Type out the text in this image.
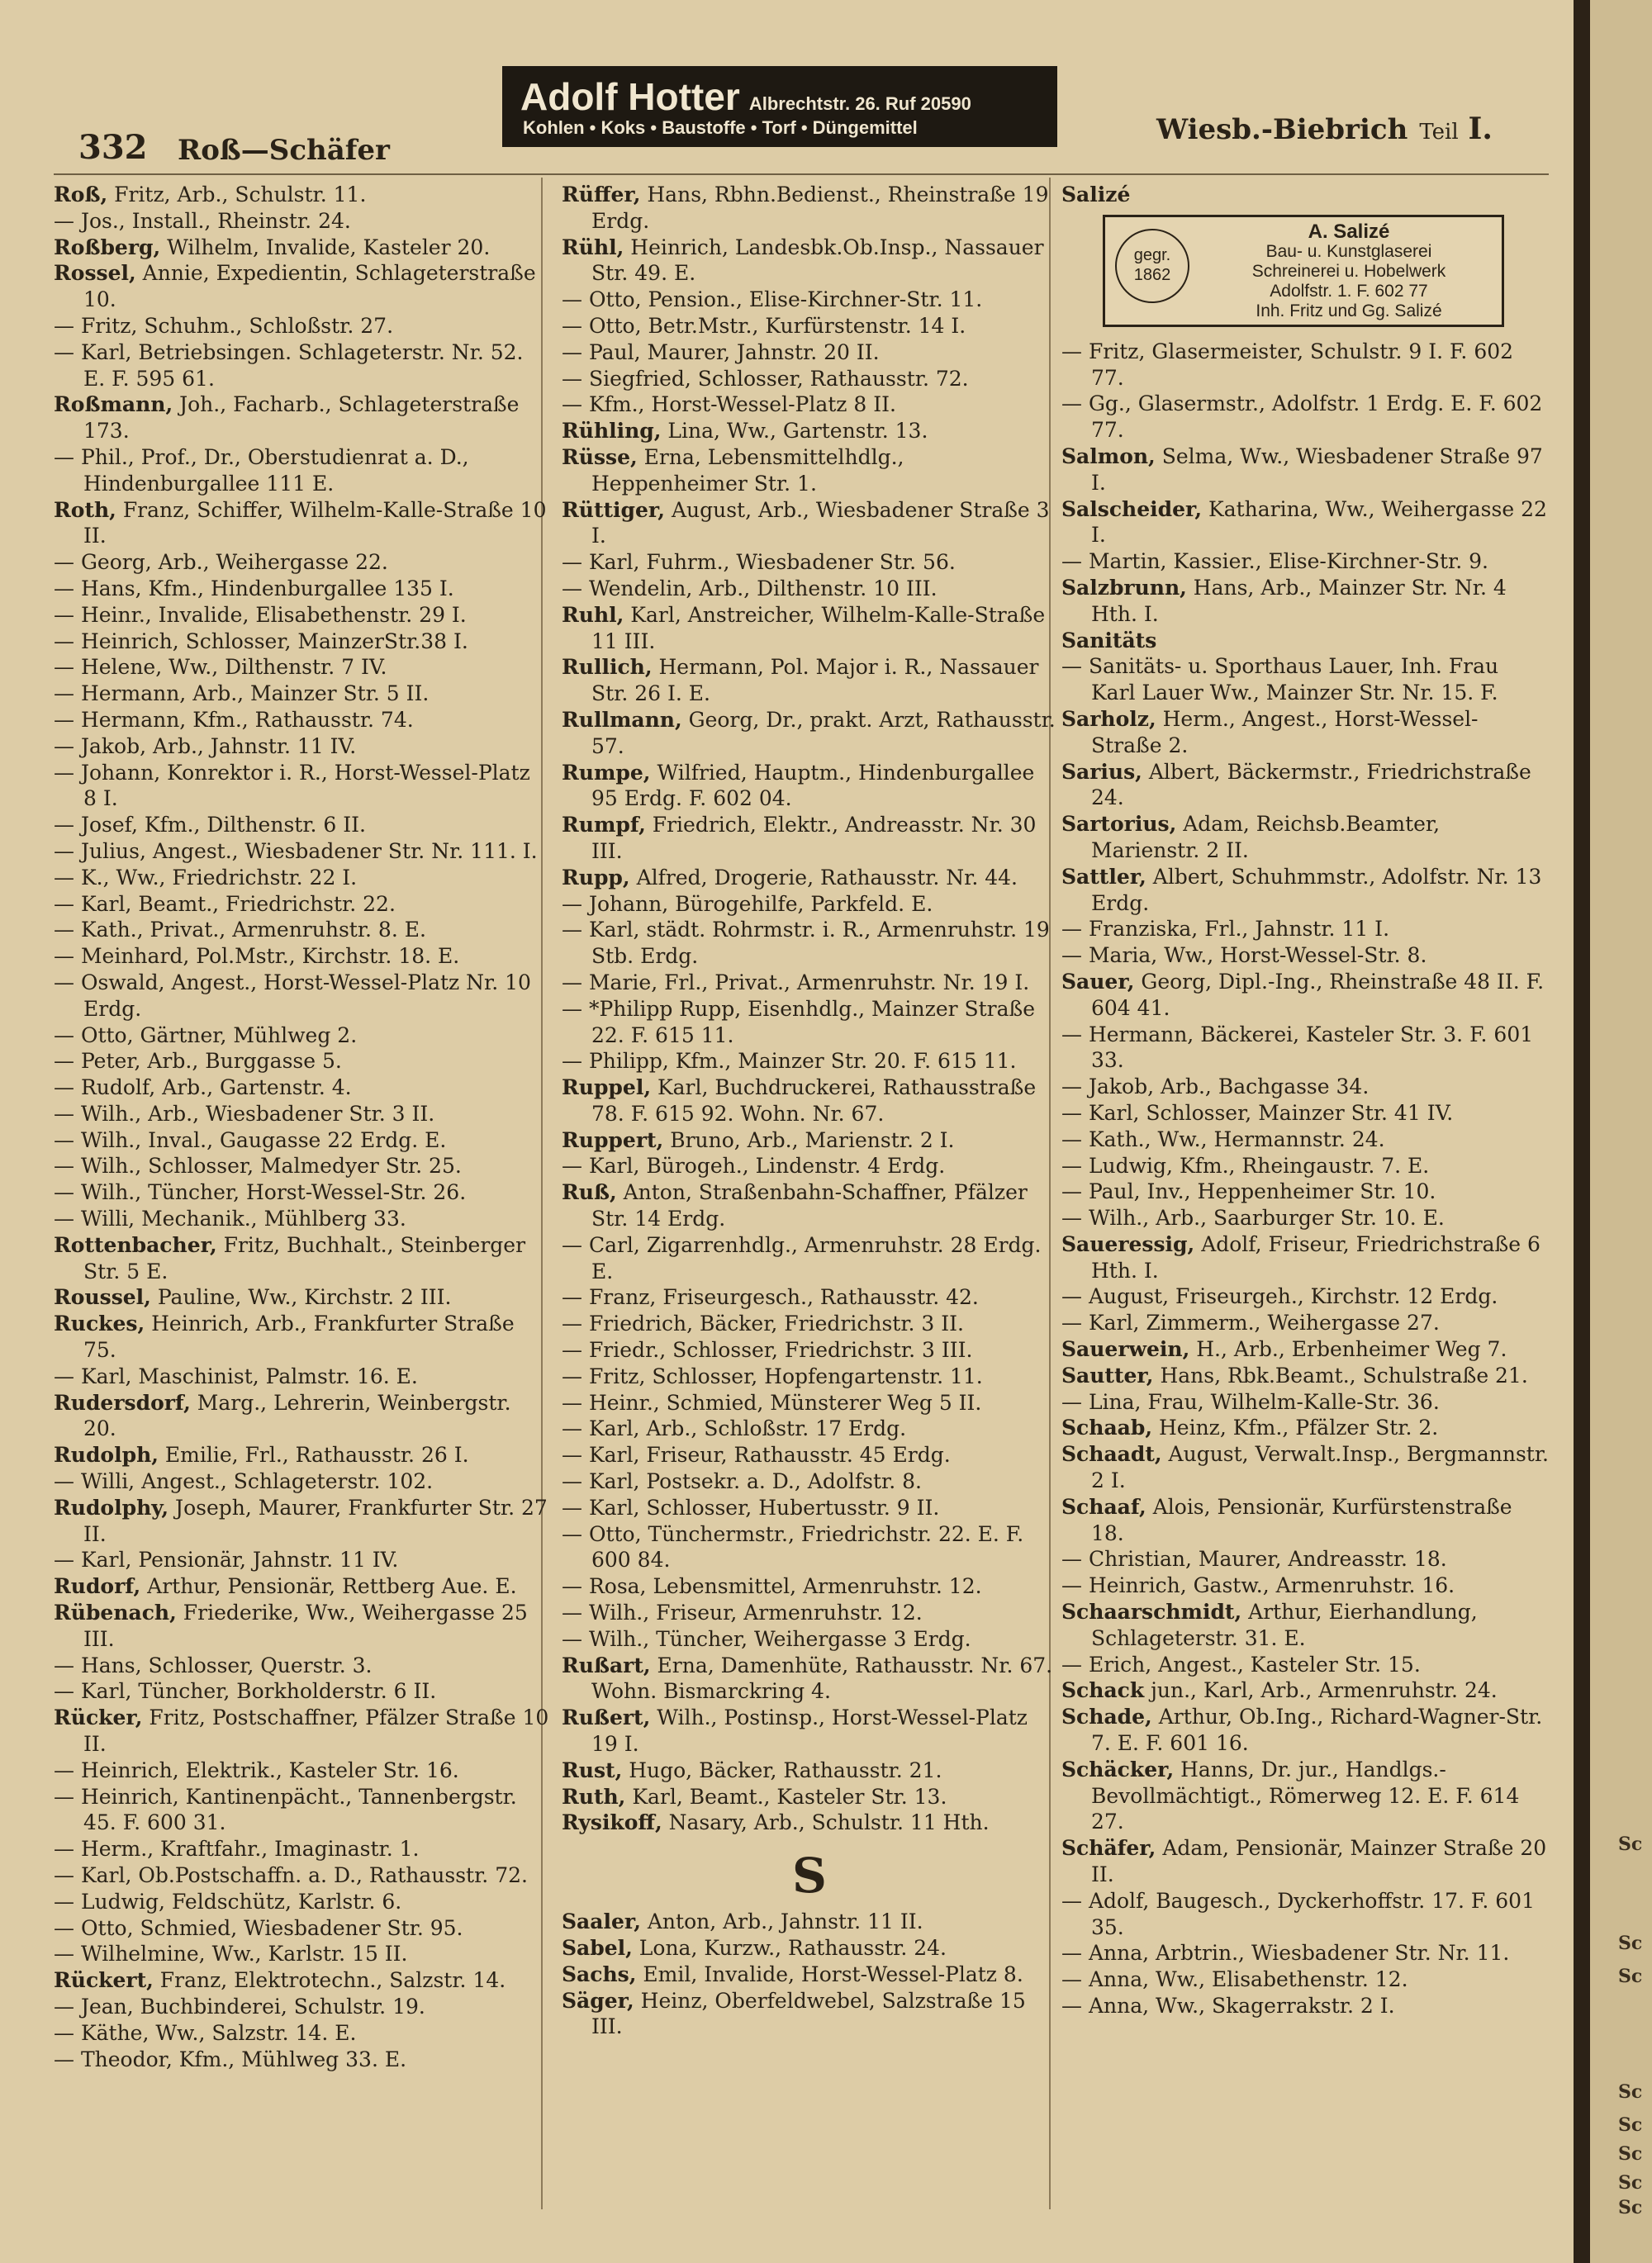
332 Roß—Schäfer
Wiesb.-Biebrich Teil I.
Adolf Hotter Albrechtstr. 26. Ruf 20590
Kohlen • Koks • Baustoffe • Torf • Düngemittel
Roß, Fritz, Arb., Schulstr. 11.
— Jos., Install., Rheinstr. 24.
Roßberg, Wilhelm, Invalide, Kasteler 20.
Rossel, Annie, Expedientin, Schlageterstraße 10.
— Fritz, Schuhm., Schloßstr. 27.
— Karl, Betriebsingen. Schlageterstr. Nr. 52. E. F. 595 61.
Roßmann, Joh., Facharb., Schlageterstraße 173.
— Phil., Prof., Dr., Oberstudienrat a. D., Hindenburgallee 111 E.
Roth, Franz, Schiffer, Wilhelm-Kalle-Straße 10 II.
— Georg, Arb., Weihergasse 22.
— Hans, Kfm., Hindenburgallee 135 I.
— Heinr., Invalide, Elisabethenstr. 29 I.
— Heinrich, Schlosser, MainzerStr.38 I.
— Helene, Ww., Dilthenstr. 7 IV.
— Hermann, Arb., Mainzer Str. 5 II.
— Hermann, Kfm., Rathausstr. 74.
— Jakob, Arb., Jahnstr. 11 IV.
— Johann, Konrektor i. R., Horst-Wessel-Platz 8 I.
— Josef, Kfm., Dilthenstr. 6 II.
— Julius, Angest., Wiesbadener Str. Nr. 111. I.
— K., Ww., Friedrichstr. 22 I.
— Karl, Beamt., Friedrichstr. 22.
— Kath., Privat., Armenruhstr. 8. E.
— Meinhard, Pol.Mstr., Kirchstr. 18. E.
— Oswald, Angest., Horst-Wessel-Platz Nr. 10 Erdg.
— Otto, Gärtner, Mühlweg 2.
— Peter, Arb., Burggasse 5.
— Rudolf, Arb., Gartenstr. 4.
— Wilh., Arb., Wiesbadener Str. 3 II.
— Wilh., Inval., Gaugasse 22 Erdg. E.
— Wilh., Schlosser, Malmedyer Str. 25.
— Wilh., Tüncher, Horst-Wessel-Str. 26.
— Willi, Mechanik., Mühlberg 33.
Rottenbacher, Fritz, Buchhalt., Steinberger Str. 5 E.
Roussel, Pauline, Ww., Kirchstr. 2 III.
Ruckes, Heinrich, Arb., Frankfurter Straße 75.
— Karl, Maschinist, Palmstr. 16. E.
Rudersdorf, Marg., Lehrerin, Weinbergstr. 20.
Rudolph, Emilie, Frl., Rathausstr. 26 I.
— Willi, Angest., Schlageterstr. 102.
Rudolphy, Joseph, Maurer, Frankfurter Str. 27 II.
— Karl, Pensionär, Jahnstr. 11 IV.
Rudorf, Arthur, Pensionär, Rettberg Aue. E.
Rübenach, Friederike, Ww., Weihergasse 25 III.
— Hans, Schlosser, Querstr. 3.
— Karl, Tüncher, Borkholderstr. 6 II.
Rücker, Fritz, Postschaffner, Pfälzer Straße 10 II.
— Heinrich, Elektrik., Kasteler Str. 16.
— Heinrich, Kantinenpächt., Tannenbergstr. 45. F. 600 31.
— Herm., Kraftfahr., Imaginastr. 1.
— Karl, Ob.Postschaffn. a. D., Rathausstr. 72.
— Ludwig, Feldschütz, Karlstr. 6.
— Otto, Schmied, Wiesbadener Str. 95.
— Wilhelmine, Ww., Karlstr. 15 II.
Rückert, Franz, Elektrotechn., Salzstr. 14.
— Jean, Buchbinderei, Schulstr. 19.
— Käthe, Ww., Salzstr. 14. E.
— Theodor, Kfm., Mühlweg 33. E.
Rüffer, Hans, Rbhn.Bedienst., Rheinstraße 19 Erdg.
Rühl, Heinrich, Landesbk.Ob.Insp., Nassauer Str. 49. E.
— Otto, Pension., Elise-Kirchner-Str. 11.
— Otto, Betr.Mstr., Kurfürstenstr. 14 I.
— Paul, Maurer, Jahnstr. 20 II.
— Siegfried, Schlosser, Rathausstr. 72.
— Kfm., Horst-Wessel-Platz 8 II.
Rühling, Lina, Ww., Gartenstr. 13.
Rüsse, Erna, Lebensmittelhdlg., Heppenheimer Str. 1.
Rüttiger, August, Arb., Wiesbadener Straße 3 I.
— Karl, Fuhrm., Wiesbadener Str. 56.
— Wendelin, Arb., Dilthenstr. 10 III.
Ruhl, Karl, Anstreicher, Wilhelm-Kalle-Straße 11 III.
Rullich, Hermann, Pol. Major i. R., Nassauer Str. 26 I. E.
Rullmann, Georg, Dr., prakt. Arzt, Rathausstr. 57.
Rumpe, Wilfried, Hauptm., Hindenburgallee 95 Erdg. F. 602 04.
Rumpf, Friedrich, Elektr., Andreasstr. Nr. 30 III.
Rupp, Alfred, Drogerie, Rathausstr. Nr. 44.
— Johann, Bürogehilfe, Parkfeld. E.
— Karl, städt. Rohrmstr. i. R., Armenruhstr. 19 Stb. Erdg.
— Marie, Frl., Privat., Armenruhstr. Nr. 19 I.
— *Philipp Rupp, Eisenhdlg., Mainzer Straße 22. F. 615 11.
— Philipp, Kfm., Mainzer Str. 20. F. 615 11.
Ruppel, Karl, Buchdruckerei, Rathausstraße 78. F. 615 92. Wohn. Nr. 67.
Ruppert, Bruno, Arb., Marienstr. 2 I.
— Karl, Bürogeh., Lindenstr. 4 Erdg.
Ruß, Anton, Straßenbahn-Schaffner, Pfälzer Str. 14 Erdg.
— Carl, Zigarrenhdlg., Armenruhstr. 28 Erdg. E.
— Franz, Friseurgesch., Rathausstr. 42.
— Friedrich, Bäcker, Friedrichstr. 3 II.
— Friedr., Schlosser, Friedrichstr. 3 III.
— Fritz, Schlosser, Hopfengartenstr. 11.
— Heinr., Schmied, Münsterer Weg 5 II.
— Karl, Arb., Schloßstr. 17 Erdg.
— Karl, Friseur, Rathausstr. 45 Erdg.
— Karl, Postsekr. a. D., Adolfstr. 8.
— Karl, Schlosser, Hubertusstr. 9 II.
— Otto, Tünchermstr., Friedrichstr. 22. E. F. 600 84.
— Rosa, Lebensmittel, Armenruhstr. 12.
— Wilh., Friseur, Armenruhstr. 12.
— Wilh., Tüncher, Weihergasse 3 Erdg.
Rußart, Erna, Damenhüte, Rathausstr. Nr. 67. Wohn. Bismarckring 4.
Rußert, Wilh., Postinsp., Horst-Wessel-Platz 19 I.
Rust, Hugo, Bäcker, Rathausstr. 21.
Ruth, Karl, Beamt., Kasteler Str. 13.
Rysikoff, Nasary, Arb., Schulstr. 11 Hth.
S
Saaler, Anton, Arb., Jahnstr. 11 II.
Sabel, Lona, Kurzw., Rathausstr. 24.
Sachs, Emil, Invalide, Horst-Wessel-Platz 8.
Säger, Heinz, Oberfeldwebel, Salzstraße 15 III.
Salizé
gegr.
1862
A. Salizé
Bau- u. Kunstglaserei
Schreinerei u. Hobelwerk
Adolfstr. 1. F. 602 77
Inh. Fritz und Gg. Salizé
— Fritz, Glasermeister, Schulstr. 9 I. F. 602 77.
— Gg., Glasermstr., Adolfstr. 1 Erdg. E. F. 602 77.
Salmon, Selma, Ww., Wiesbadener Straße 97 I.
Salscheider, Katharina, Ww., Weihergasse 22 I.
— Martin, Kassier., Elise-Kirchner-Str. 9.
Salzbrunn, Hans, Arb., Mainzer Str. Nr. 4 Hth. I.
Sanitäts
— Sanitäts- u. Sporthaus Lauer, Inh. Frau Karl Lauer Ww., Mainzer Str. Nr. 15. F.
Sarholz, Herm., Angest., Horst-Wessel-Straße 2.
Sarius, Albert, Bäckermstr., Friedrichstraße 24.
Sartorius, Adam, Reichsb.Beamter, Marienstr. 2 II.
Sattler, Albert, Schuhmmstr., Adolfstr. Nr. 13 Erdg.
— Franziska, Frl., Jahnstr. 11 I.
— Maria, Ww., Horst-Wessel-Str. 8.
Sauer, Georg, Dipl.-Ing., Rheinstraße 48 II. F. 604 41.
— Hermann, Bäckerei, Kasteler Str. 3. F. 601 33.
— Jakob, Arb., Bachgasse 34.
— Karl, Schlosser, Mainzer Str. 41 IV.
— Kath., Ww., Hermannstr. 24.
— Ludwig, Kfm., Rheingaustr. 7. E.
— Paul, Inv., Heppenheimer Str. 10.
— Wilh., Arb., Saarburger Str. 10. E.
Saueressig, Adolf, Friseur, Friedrichstraße 6 Hth. I.
— August, Friseurgeh., Kirchstr. 12 Erdg.
— Karl, Zimmerm., Weihergasse 27.
Sauerwein, H., Arb., Erbenheimer Weg 7.
Sautter, Hans, Rbk.Beamt., Schulstraße 21.
— Lina, Frau, Wilhelm-Kalle-Str. 36.
Schaab, Heinz, Kfm., Pfälzer Str. 2.
Schaadt, August, Verwalt.Insp., Bergmannstr. 2 I.
Schaaf, Alois, Pensionär, Kurfürstenstraße 18.
— Christian, Maurer, Andreasstr. 18.
— Heinrich, Gastw., Armenruhstr. 16.
Schaarschmidt, Arthur, Eierhandlung, Schlageterstr. 31. E.
— Erich, Angest., Kasteler Str. 15.
Schack jun., Karl, Arb., Armenruhstr. 24.
Schade, Arthur, Ob.Ing., Richard-Wagner-Str. 7. E. F. 601 16.
Schäcker, Hanns, Dr. jur., Handlgs.-Bevollmächtigt., Römerweg 12. E. F. 614 27.
Schäfer, Adam, Pensionär, Mainzer Straße 20 II.
— Adolf, Baugesch., Dyckerhoffstr. 17. F. 601 35.
— Anna, Arbtrin., Wiesbadener Str. Nr. 11.
— Anna, Ww., Elisabethenstr. 12.
— Anna, Ww., Skagerrakstr. 2 I.
Sc
Sc
Sc
Sc
Sc
Sc
Sc
Sc
